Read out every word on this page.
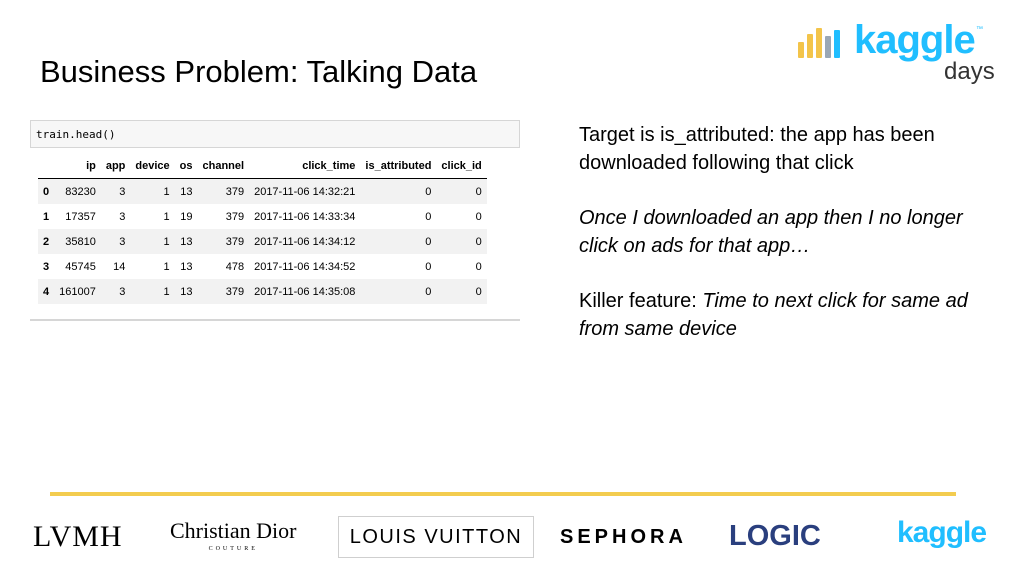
Business Problem: Talking Data
kaggle ™
days
train.head()
	ip	app	device	os	channel	click_time	is_attributed	click_id
0	83230	3	1	13	379	2017-11-06 14:32:21	0	0
1	17357	3	1	19	379	2017-11-06 14:33:34	0	0
2	35810	3	1	13	379	2017-11-06 14:34:12	0	0
3	45745	14	1	13	478	2017-11-06 14:34:52	0	0
4	161007	3	1	13	379	2017-11-06 14:35:08	0	0

Target is is_attributed: the app has been downloaded following that click

Once I downloaded an app then I no longer click on ads for that app…

Killer feature: Time to next click for same ad from same device

LVMH Christian Dior
COUTURE
LOUIS VUITTON	SEPHORA LOGIC	kaggle
